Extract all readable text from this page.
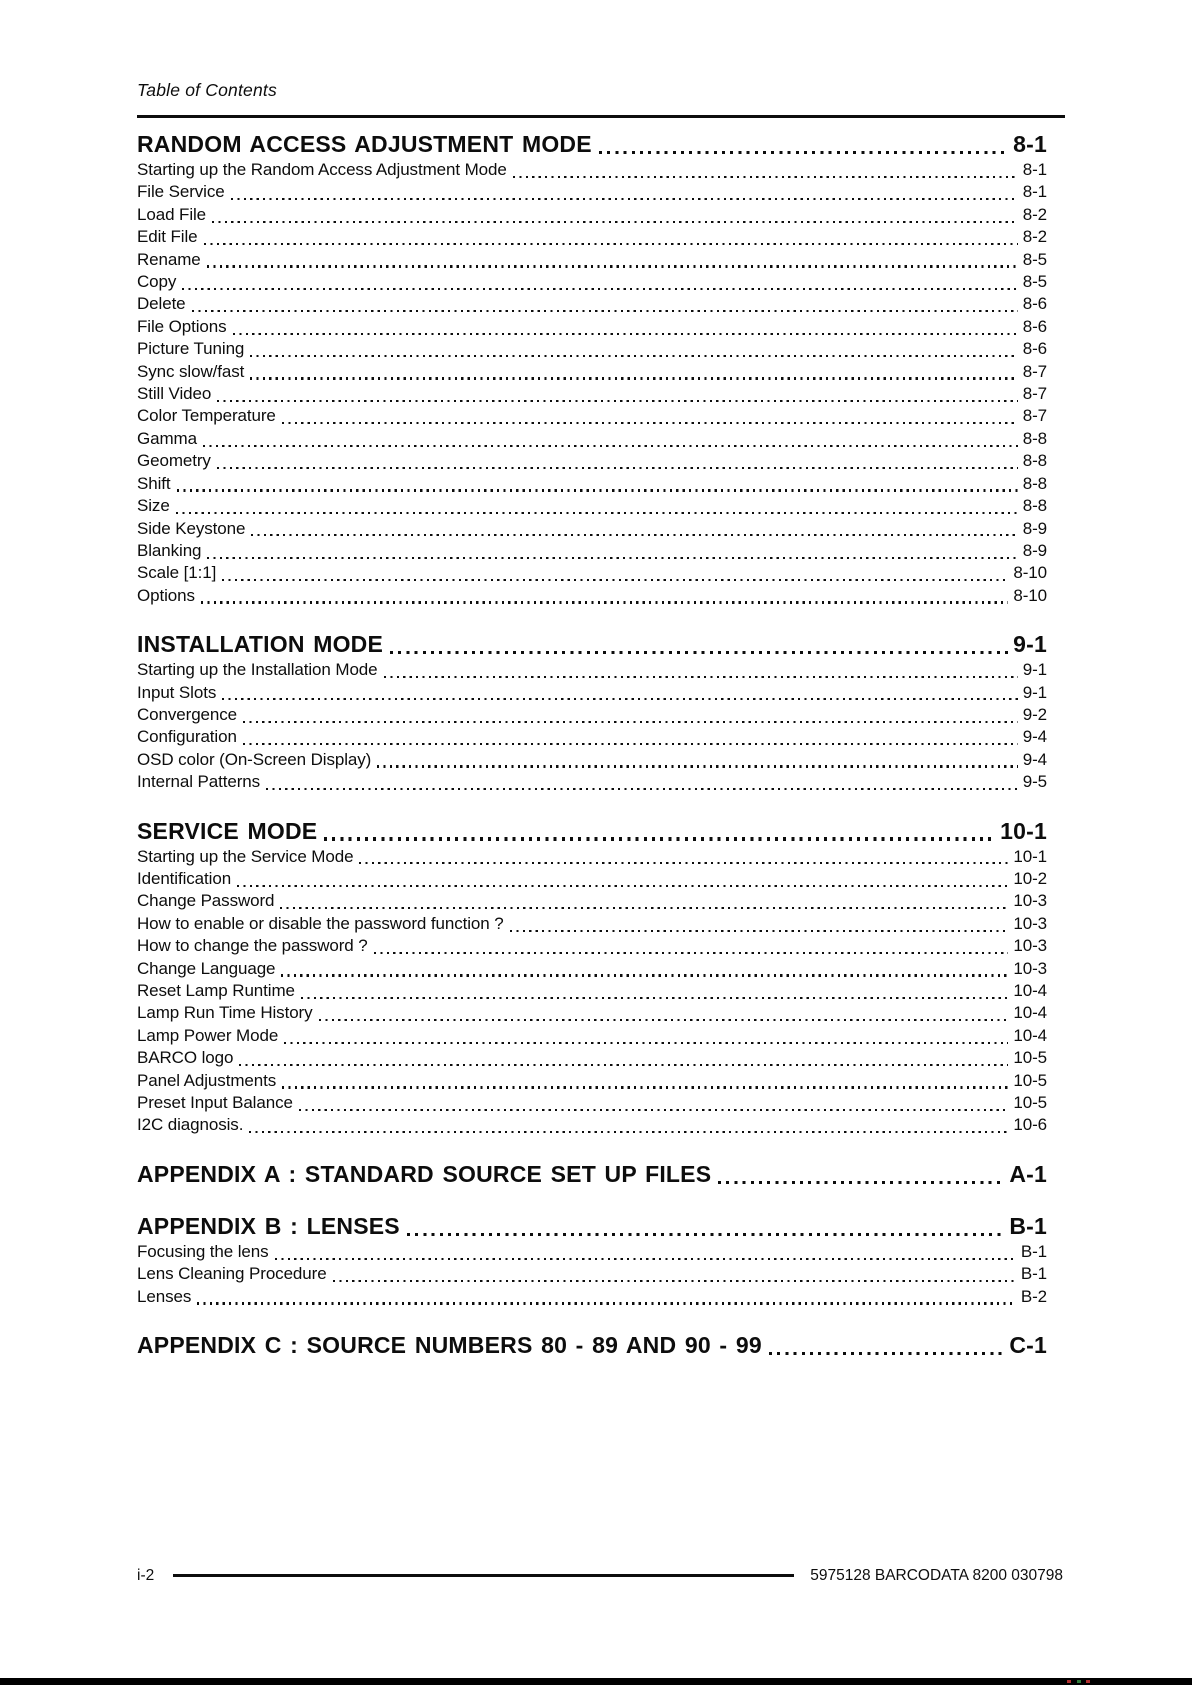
Table of Contents
RANDOM ACCESS ADJUSTMENT MODE	8-1
Starting up the Random Access Adjustment Mode	8-1
File Service	8-1
Load File	8-2
Edit File	8-2
Rename	8-5
Copy	8-5
Delete	8-6
File Options	8-6
Picture Tuning	8-6
Sync slow/fast	8-7
Still Video	8-7
Color Temperature	8-7
Gamma	8-8
Geometry	8-8
Shift	8-8
Size	8-8
Side Keystone	8-9
Blanking	8-9
Scale [1:1]	8-10
Options	8-10
INSTALLATION MODE	9-1
Starting up the Installation Mode	9-1
Input Slots	9-1
Convergence	9-2
Configuration	9-4
OSD color (On-Screen Display)	9-4
Internal Patterns	9-5
SERVICE MODE	10-1
Starting up the Service Mode	10-1
Identification	10-2
Change Password	10-3
How to enable or disable the password function ?	10-3
How to change the password ?	10-3
Change Language	10-3
Reset Lamp Runtime	10-4
Lamp Run Time History	10-4
Lamp Power Mode	10-4
BARCO logo	10-5
Panel Adjustments	10-5
Preset Input Balance	10-5
I2C diagnosis.	10-6
APPENDIX A : STANDARD SOURCE SET UP FILES	A-1
APPENDIX B : LENSES	B-1
Focusing the lens	B-1
Lens Cleaning Procedure	B-1
Lenses	B-2
APPENDIX C : SOURCE NUMBERS 80 - 89 AND 90 - 99	C-1
i-2	5975128 BARCODATA 8200 030798
